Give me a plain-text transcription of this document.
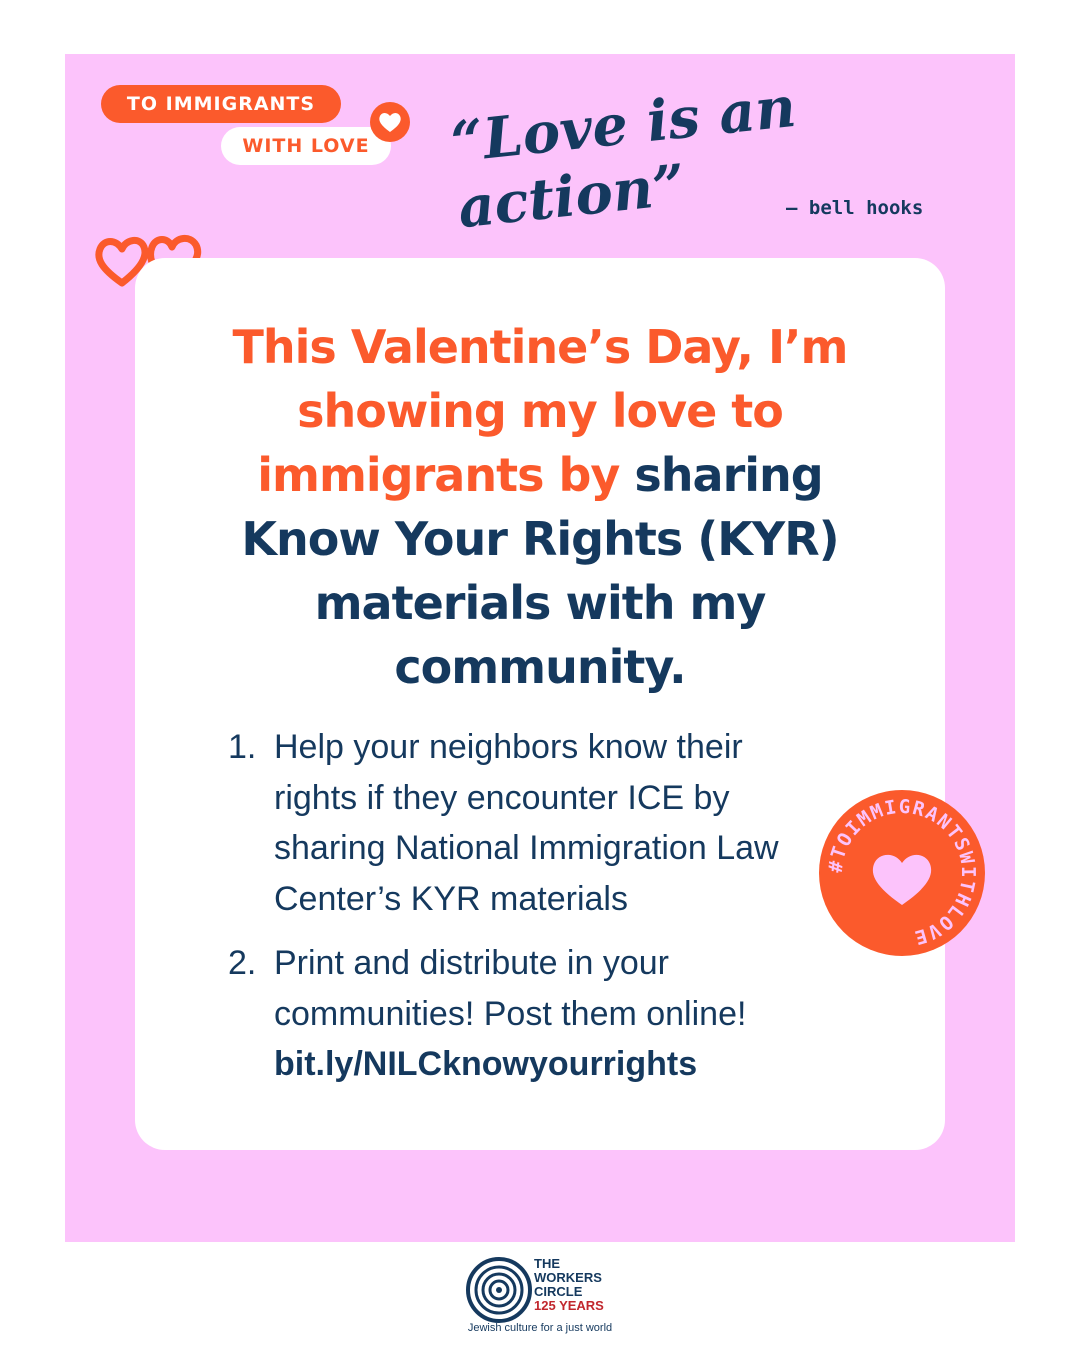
TO IMMIGRANTS
WITH LOVE	“Love is an action”	— bell hooks
This Valentine’s Day, I’m showing my love to immigrants by sharing Know Your Rights (KYR) materials with my community.
1. Help your neighbors know their rights if they encounter ICE by sharing National Immigration Law Center’s KYR materials
2. Print and distribute in your communities! Post them online!
bit.ly/NILCknowyourrights
#TOIMMIGRANTSWITHLOVE
THE
WORKERS
CIRCLE
125 YEARS
Jewish culture for a just world
